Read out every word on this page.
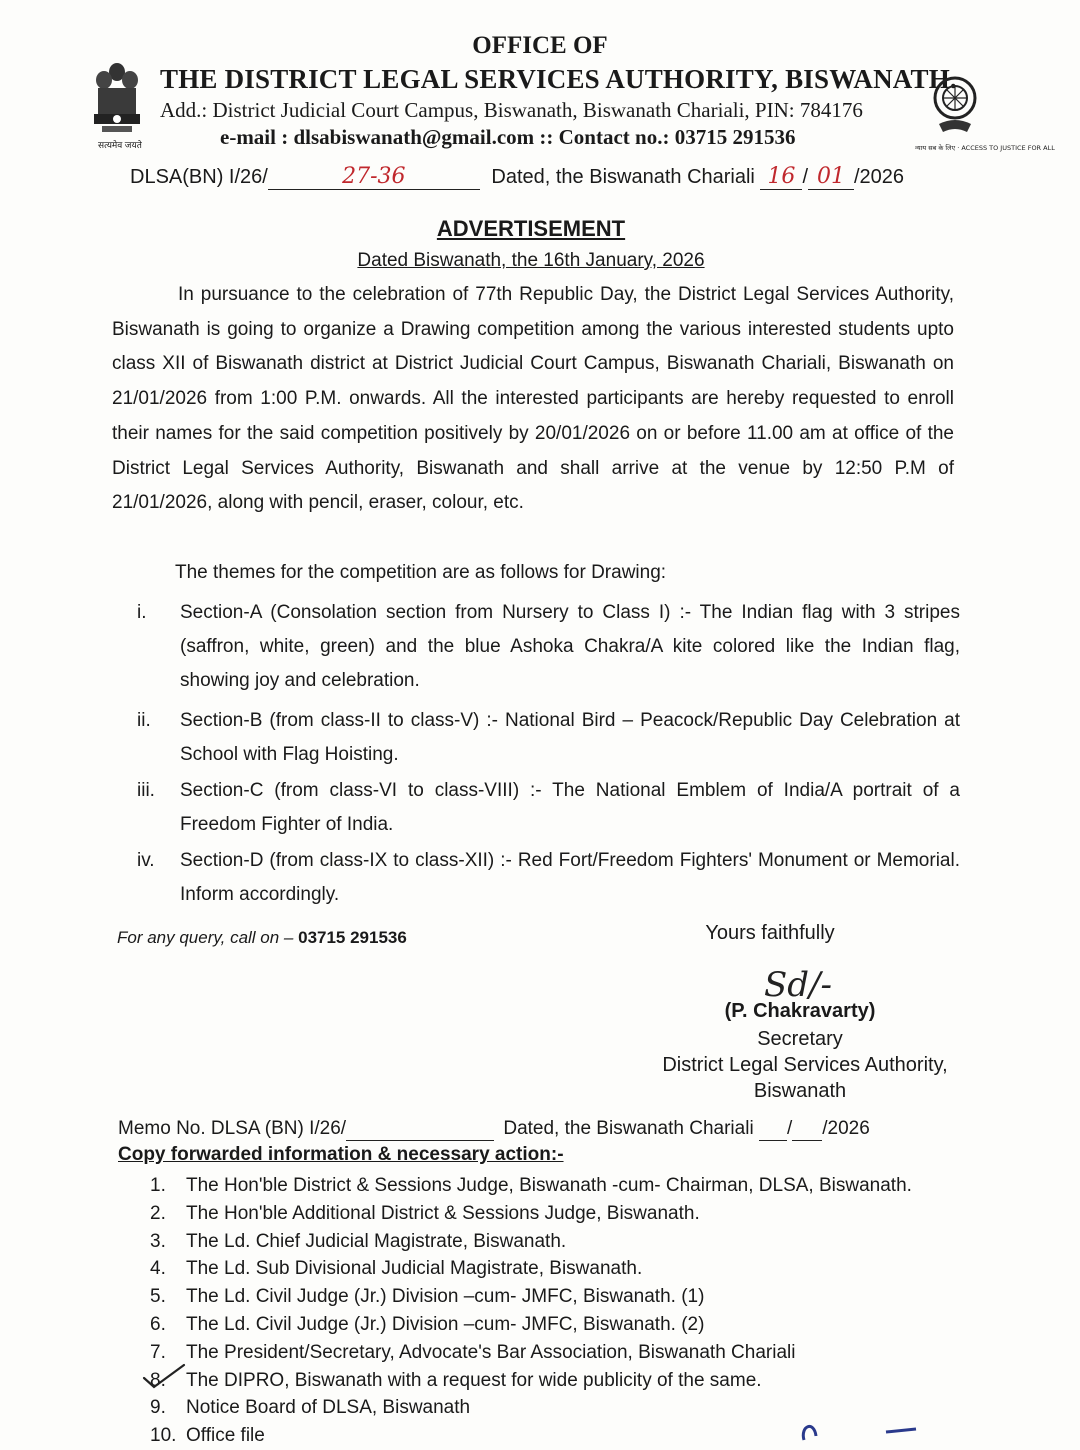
सत्यमेव जयते
OFFICE OF
THE DISTRICT LEGAL SERVICES AUTHORITY, BISWANATH.
Add.: District Judicial Court Campus, Biswanath, Biswanath Chariali, PIN: 784176
e-mail : dlsabiswanath@gmail.com :: Contact no.: 03715 291536	न्याय सब के लिए · ACCESS TO JUSTICE FOR ALL
DLSA(BN) I/26/	27-36	Dated, the Biswanath Chariali 16 / 01 /2026
ADVERTISEMENT
Dated Biswanath, the 16th January, 2026
In pursuance to the celebration of 77th Republic Day, the District Legal Services Authority, Biswanath is going to organize a Drawing competition among the various interested students upto class XII of Biswanath district at District Judicial Court Campus, Biswanath Chariali, Biswanath on 21/01/2026 from 1:00 P.M. onwards. All the interested participants are hereby requested to enroll their names for the said competition positively by 20/01/2026 on or before 11.00 am at office of the District Legal Services Authority, Biswanath and shall arrive at the venue by 12:50 P.M of 21/01/2026, along with pencil, eraser, colour, etc.
The themes for the competition are as follows for Drawing:
i. Section-A (Consolation section from Nursery to Class I) :- The Indian flag with 3 stripes (saffron, white, green) and the blue Ashoka Chakra/A kite colored like the Indian flag, showing joy and celebration.
ii. Section-B (from class-II to class-V) :- National Bird – Peacock/Republic Day Celebration at School with Flag Hoisting.
iii. Section-C (from class-VI to class-VIII) :- The National Emblem of India/A portrait of a Freedom Fighter of India.
iv. Section-D (from class-IX to class-XII) :- Red Fort/Freedom Fighters' Monument or Memorial. Inform accordingly.
For any query, call on – 03715 291536	Yours faithfully
Sd/-
(P. Chakravarty)
Secretary
District Legal Services Authority,
Biswanath
Memo No. DLSA (BN) I/26/	Dated, the Biswanath Chariali / /2026
Copy forwarded information & necessary action:-
1. The Hon'ble District & Sessions Judge, Biswanath -cum- Chairman, DLSA, Biswanath.
2. The Hon'ble Additional District & Sessions Judge, Biswanath.
3. The Ld. Chief Judicial Magistrate, Biswanath.
4. The Ld. Sub Divisional Judicial Magistrate, Biswanath.
5. The Ld. Civil Judge (Jr.) Division –cum- JMFC, Biswanath. (1)
6. The Ld. Civil Judge (Jr.) Division –cum- JMFC, Biswanath. (2)
7. The President/Secretary, Advocate's Bar Association, Biswanath Chariali
8. The DIPRO, Biswanath with a request for wide publicity of the same.
9. Notice Board of DLSA, Biswanath
10. Office file
